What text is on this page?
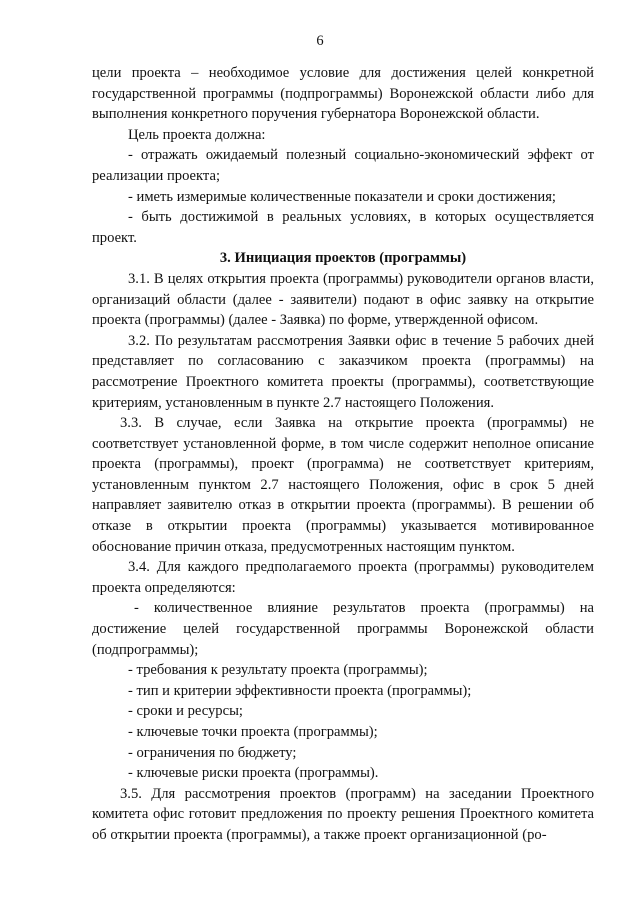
6

цели проекта – необходимое условие для достижения целей конкретной государственной программы (подпрограммы) Воронежской области либо для выполнения конкретного поручения губернатора Воронежской области.

Цель проекта должна:

- отражать ожидаемый полезный социально-экономический эффект от реализации проекта;

- иметь измеримые количественные показатели и сроки достижения;

- быть достижимой в реальных условиях, в которых осуществляется проект.

3. Инициация проектов (программы)

3.1. В целях открытия проекта (программы) руководители органов власти, организаций области (далее - заявители) подают в офис заявку на открытие проекта (программы) (далее - Заявка) по форме, утвержденной офисом.

3.2. По результатам рассмотрения Заявки офис в течение 5 рабочих дней представляет по согласованию с заказчиком проекта (программы) на рассмотрение Проектного комитета проекты (программы), соответствующие критериям, установленным в пункте 2.7 настоящего Положения.

3.3. В случае, если Заявка на открытие проекта (программы) не соответствует установленной форме, в том числе содержит неполное описание проекта (программы), проект (программа) не соответствует критериям, установленным пунктом 2.7 настоящего Положения, офис в срок 5 дней направляет заявителю отказ в открытии проекта (программы). В решении об отказе в открытии проекта (программы) указывается мотивированное обоснование причин отказа, предусмотренных настоящим пунктом.

3.4. Для каждого предполагаемого проекта (программы) руководителем проекта определяются:

- количественное влияние результатов проекта (программы) на достижение целей государственной программы Воронежской области (подпрограммы);

- требования к результату проекта (программы);

- тип и критерии эффективности проекта (программы);

- сроки и ресурсы;

- ключевые точки проекта (программы);

- ограничения по бюджету;

- ключевые риски проекта (программы).

3.5. Для рассмотрения проектов (программ) на заседании Проектного комитета офис готовит предложения по проекту решения Проектного комитета об открытии проекта (программы), а также проект организационной (ро-
